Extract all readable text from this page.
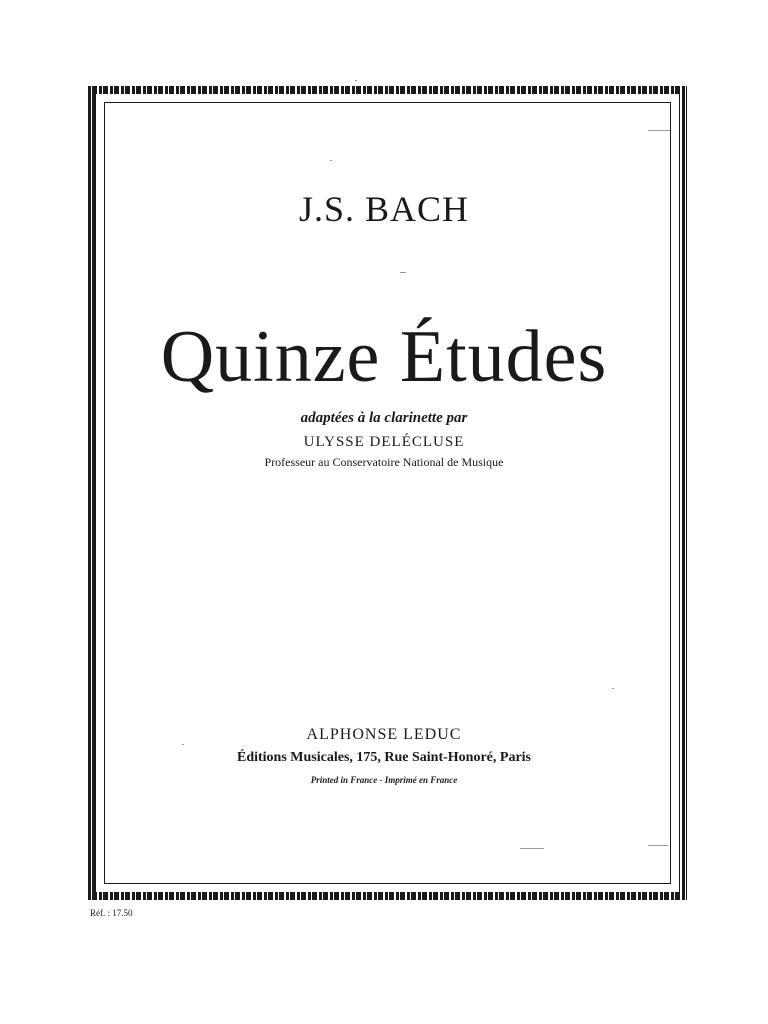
J.S. BACH
Quinze Études
adaptées à la clarinette par
ULYSSE DELÉCLUSE
Professeur au Conservatoire National de Musique
ALPHONSE LEDUC
Éditions Musicales, 175, Rue Saint-Honoré, Paris
Printed in France - Imprimé en France
Réf. : 17.50
